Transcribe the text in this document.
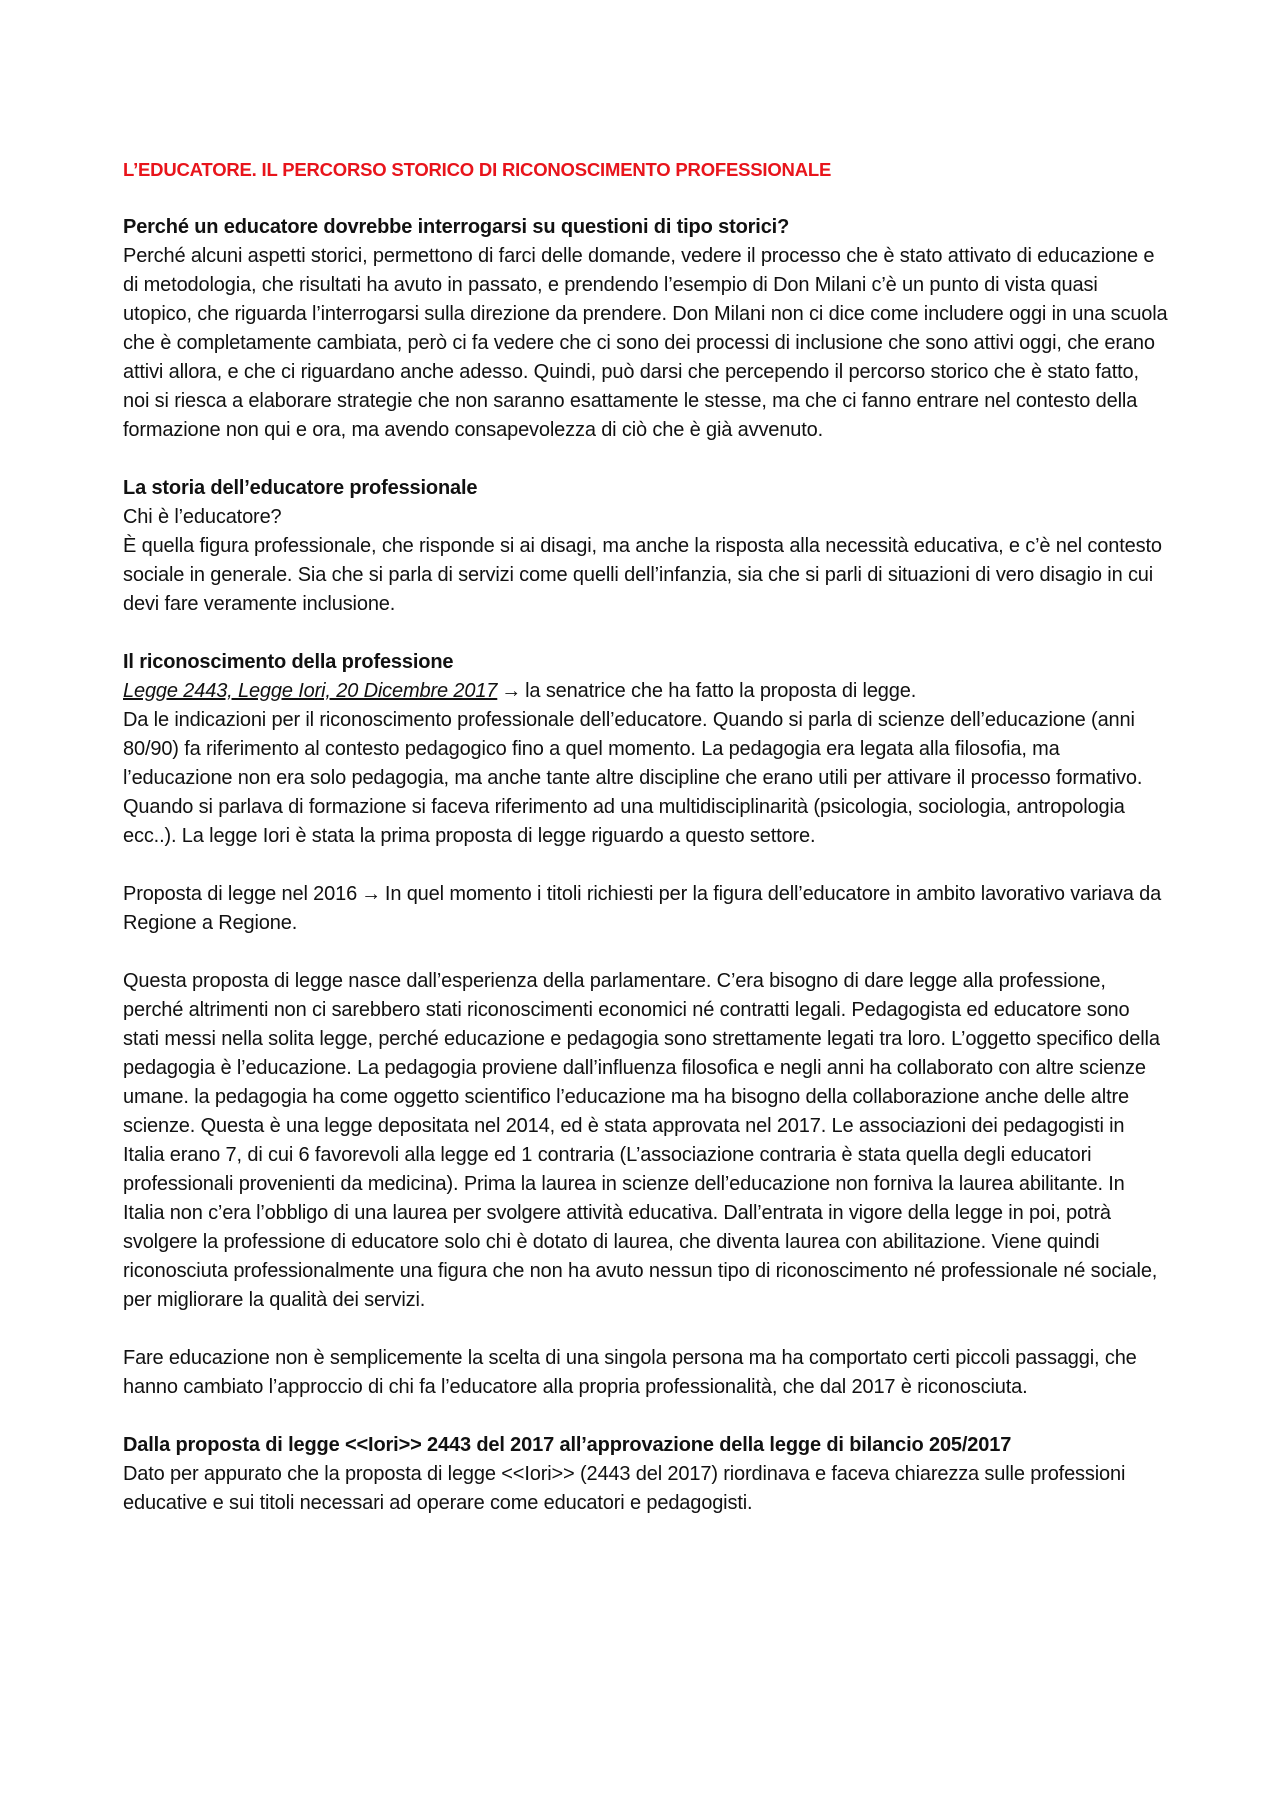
L’EDUCATORE. IL PERCORSO STORICO DI RICONOSCIMENTO PROFESSIONALE

Perché un educatore dovrebbe interrogarsi su questioni di tipo storici?

Perché alcuni aspetti storici, permettono di farci delle domande, vedere il processo che è stato attivato di educazione e di metodologia, che risultati ha avuto in passato, e prendendo l’esempio di Don Milani c’è un punto di vista quasi utopico, che riguarda l’interrogarsi sulla direzione da prendere. Don Milani non ci dice come includere oggi in una scuola che è completamente cambiata, però ci fa vedere che ci sono dei processi di inclusione che sono attivi oggi, che erano attivi allora, e che ci riguardano anche adesso. Quindi, può darsi che percependo il percorso storico che è stato fatto, noi si riesca a elaborare strategie che non saranno esattamente le stesse, ma che ci fanno entrare nel contesto della formazione non qui e ora, ma avendo consapevolezza di ciò che è già avvenuto.

La storia dell’educatore professionale

Chi è l’educatore?

È quella figura professionale, che risponde si ai disagi, ma anche la risposta alla necessità educativa, e c’è nel contesto sociale in generale. Sia che si parla di servizi come quelli dell’infanzia, sia che si parli di situazioni di vero disagio in cui devi fare veramente inclusione.

Il riconoscimento della professione

Legge 2443, Legge Iori, 20 Dicembre 2017 → la senatrice che ha fatto la proposta di legge.

Da le indicazioni per il riconoscimento professionale dell’educatore. Quando si parla di scienze dell’educazione (anni 80/90) fa riferimento al contesto pedagogico fino a quel momento. La pedagogia era legata alla filosofia, ma l’educazione non era solo pedagogia, ma anche tante altre discipline che erano utili per attivare il processo formativo. Quando si parlava di formazione si faceva riferimento ad una multidisciplinarità (psicologia, sociologia, antropologia ecc..). La legge Iori è stata la prima proposta di legge riguardo a questo settore.

Proposta di legge nel 2016 → In quel momento i titoli richiesti per la figura dell’educatore in ambito lavorativo variava da Regione a Regione.

Questa proposta di legge nasce dall’esperienza della parlamentare. C’era bisogno di dare legge alla professione, perché altrimenti non ci sarebbero stati riconoscimenti economici né contratti legali. Pedagogista ed educatore sono stati messi nella solita legge, perché educazione e pedagogia sono strettamente legati tra loro. L’oggetto specifico della pedagogia è l’educazione. La pedagogia proviene dall’influenza filosofica e negli anni ha collaborato con altre scienze umane. la pedagogia ha come oggetto scientifico l’educazione ma ha bisogno della collaborazione anche delle altre scienze. Questa è una legge depositata nel 2014, ed è stata approvata nel 2017. Le associazioni dei pedagogisti in Italia erano 7, di cui 6 favorevoli alla legge ed 1 contraria (L’associazione contraria è stata quella degli educatori professionali provenienti da medicina). Prima la laurea in scienze dell’educazione non forniva la laurea abilitante. In Italia non c’era l’obbligo di una laurea per svolgere attività educativa. Dall’entrata in vigore della legge in poi, potrà svolgere la professione di educatore solo chi è dotato di laurea, che diventa laurea con abilitazione. Viene quindi riconosciuta professionalmente una figura che non ha avuto nessun tipo di riconoscimento né professionale né sociale, per migliorare la qualità dei servizi.

Fare educazione non è semplicemente la scelta di una singola persona ma ha comportato certi piccoli passaggi, che hanno cambiato l’approccio di chi fa l’educatore alla propria professionalità, che dal 2017 è riconosciuta.

Dalla proposta di legge <<Iori>> 2443 del 2017 all’approvazione della legge di bilancio 205/2017

Dato per appurato che la proposta di legge <<Iori>> (2443 del 2017) riordinava e faceva chiarezza sulle professioni educative e sui titoli necessari ad operare come educatori e pedagogisti.
